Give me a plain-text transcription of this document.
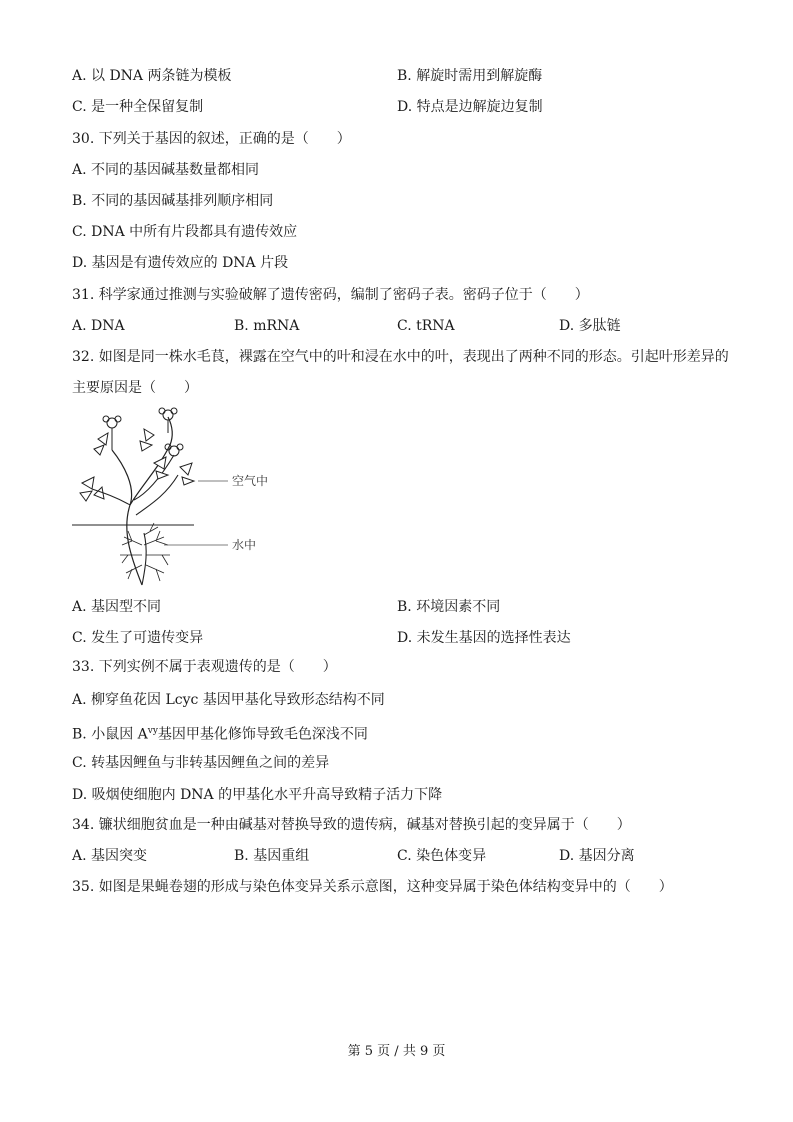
A. 以 DNA 两条链为模板	B. 解旋时需用到解旋酶
C. 是一种全保留复制	D. 特点是边解旋边复制
30. 下列关于基因的叙述，正确的是（　　）
A. 不同的基因碱基数量都相同
B. 不同的基因碱基排列顺序相同
C. DNA 中所有片段都具有遗传效应
D. 基因是有遗传效应的 DNA 片段
31. 科学家通过推测与实验破解了遗传密码，编制了密码子表。密码子位于（　　）
A. DNA	B. mRNA	C. tRNA	D. 多肽链
32. 如图是同一株水毛茛，裸露在空气中的叶和浸在水中的叶，表现出了两种不同的形态。引起叶形差异的
主要原因是（　　）
空气中
水中
A. 基因型不同	B. 环境因素不同
C. 发生了可遗传变异	D. 未发生基因的选择性表达
33. 下列实例不属于表观遗传的是（　　）
A. 柳穿鱼花因 Lcyc 基因甲基化导致形态结构不同
B. 小鼠因 $A^{vy}$基因甲基化修饰导致毛色深浅不同
C. 转基因鲤鱼与非转基因鲤鱼之间的差异
D. 吸烟使细胞内 DNA 的甲基化水平升高导致精子活力下降
34. 镰状细胞贫血是一种由碱基对替换导致的遗传病，碱基对替换引起的变异属于（　　）
A. 基因突变	B. 基因重组	C. 染色体变异	D. 基因分离
35. 如图是果蝇卷翅的形成与染色体变异关系示意图，这种变异属于染色体结构变异中的（　　）
第 5 页 / 共 9 页
